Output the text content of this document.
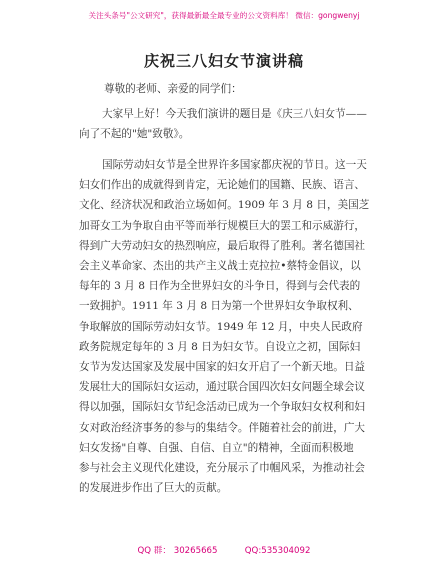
关注头条号"公文研究"，获得最新最全最专业的公文资料库！ 微信：gongwenyj
庆祝三八妇女节演讲稿
尊敬的老师、亲爱的同学们：
大家早上好！今天我们演讲的题目是《庆三八妇女节——
向了不起的"她"致敬》。
国际劳动妇女节是全世界许多国家都庆祝的节日。这一天
妇女们作出的成就得到肯定，无论她们的国籍、民族、语言、
文化、经济状况和政治立场如何。1909 年 3 月 8 日，美国芝
加哥女工为争取自由平等而举行规模巨大的罢工和示威游行，
得到广大劳动妇女的热烈响应，最后取得了胜利。著名德国社
会主义革命家、杰出的共产主义战士克拉拉•蔡特金倡议，以
每年的 3 月 8 日作为全世界妇女的斗争日，得到与会代表的
一致拥护。1911 年 3 月 8 日为第一个世界妇女争取权利、
争取解放的国际劳动妇女节。1949 年 12 月，中央人民政府
政务院规定每年的 3 月 8 日为妇女节。自设立之初，国际妇
女节为发达国家及发展中国家的妇女开启了一个新天地。日益
发展壮大的国际妇女运动，通过联合国四次妇女问题全球会议
得以加强，国际妇女节纪念活动已成为一个争取妇女权利和妇
女对政治经济事务的参与的集结令。伴随着社会的前进，广大
妇女发扬"自尊、自强、自信、自立"的精神，全面而积极地
参与社会主义现代化建设，充分展示了巾帼风采，为推动社会
的发展进步作出了巨大的贡献。
QQ 群： 30265665	QQ:535304092
